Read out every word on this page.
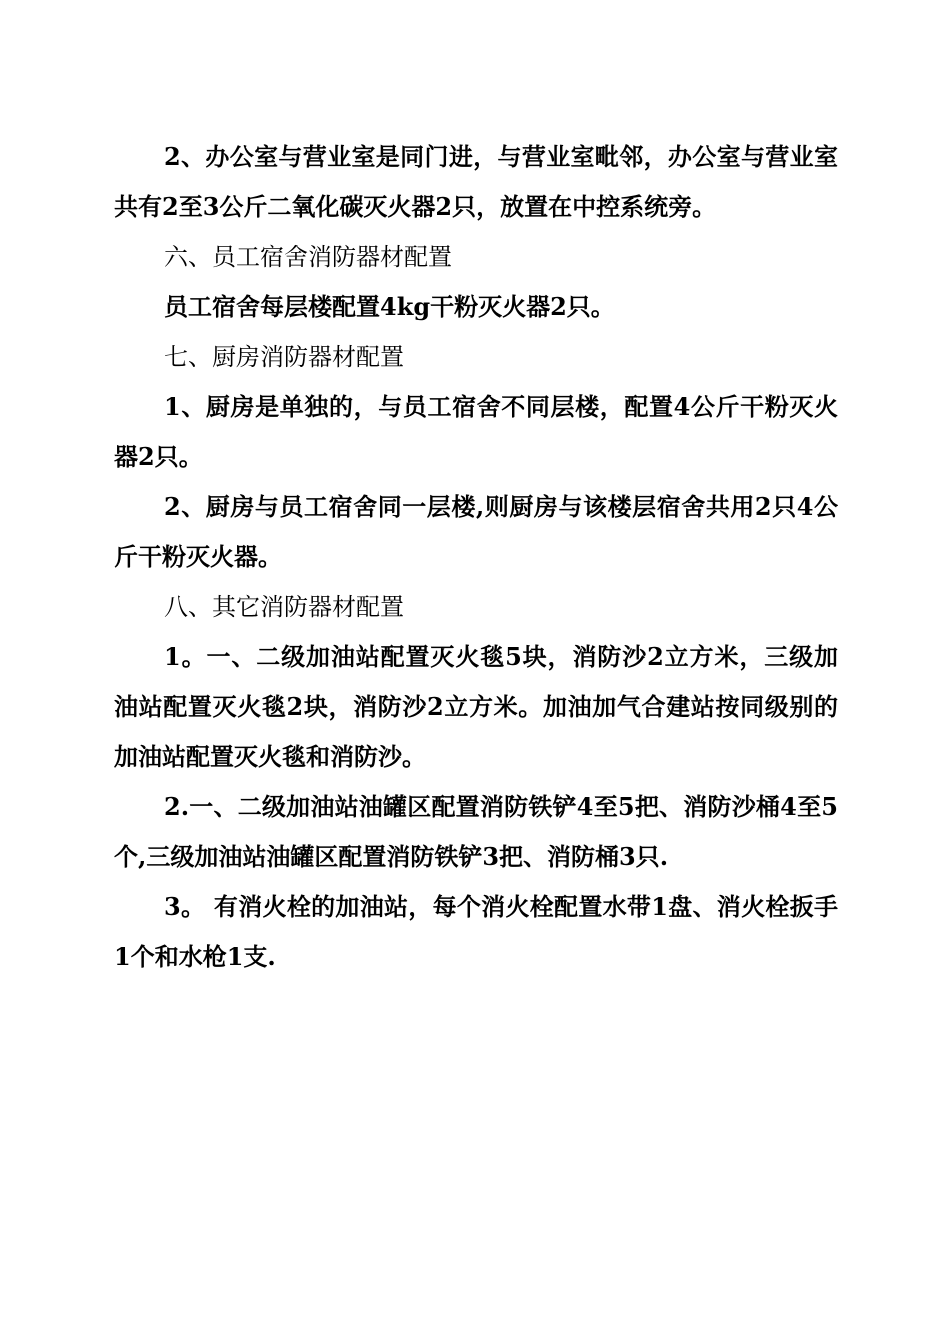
2、办公室与营业室是同门进，与营业室毗邻，办公室与营业室共有2至3公斤二氧化碳灭火器2只，放置在中控系统旁。

六、员工宿舍消防器材配置

员工宿舍每层楼配置4kg干粉灭火器2只。

七、厨房消防器材配置

1、厨房是单独的，与员工宿舍不同层楼，配置4公斤干粉灭火器2只。

2、厨房与员工宿舍同一层楼,则厨房与该楼层宿舍共用2只4公斤干粉灭火器。

八、其它消防器材配置

1。一、二级加油站配置灭火毯5块，消防沙2立方米，三级加油站配置灭火毯2块，消防沙2立方米。加油加气合建站按同级别的加油站配置灭火毯和消防沙。

2.一、二级加油站油罐区配置消防铁铲4至5把、消防沙桶4至5个,三级加油站油罐区配置消防铁铲3把、消防桶3只.

3。 有消火栓的加油站，每个消火栓配置水带1盘、消火栓扳手1个和水枪1支.
